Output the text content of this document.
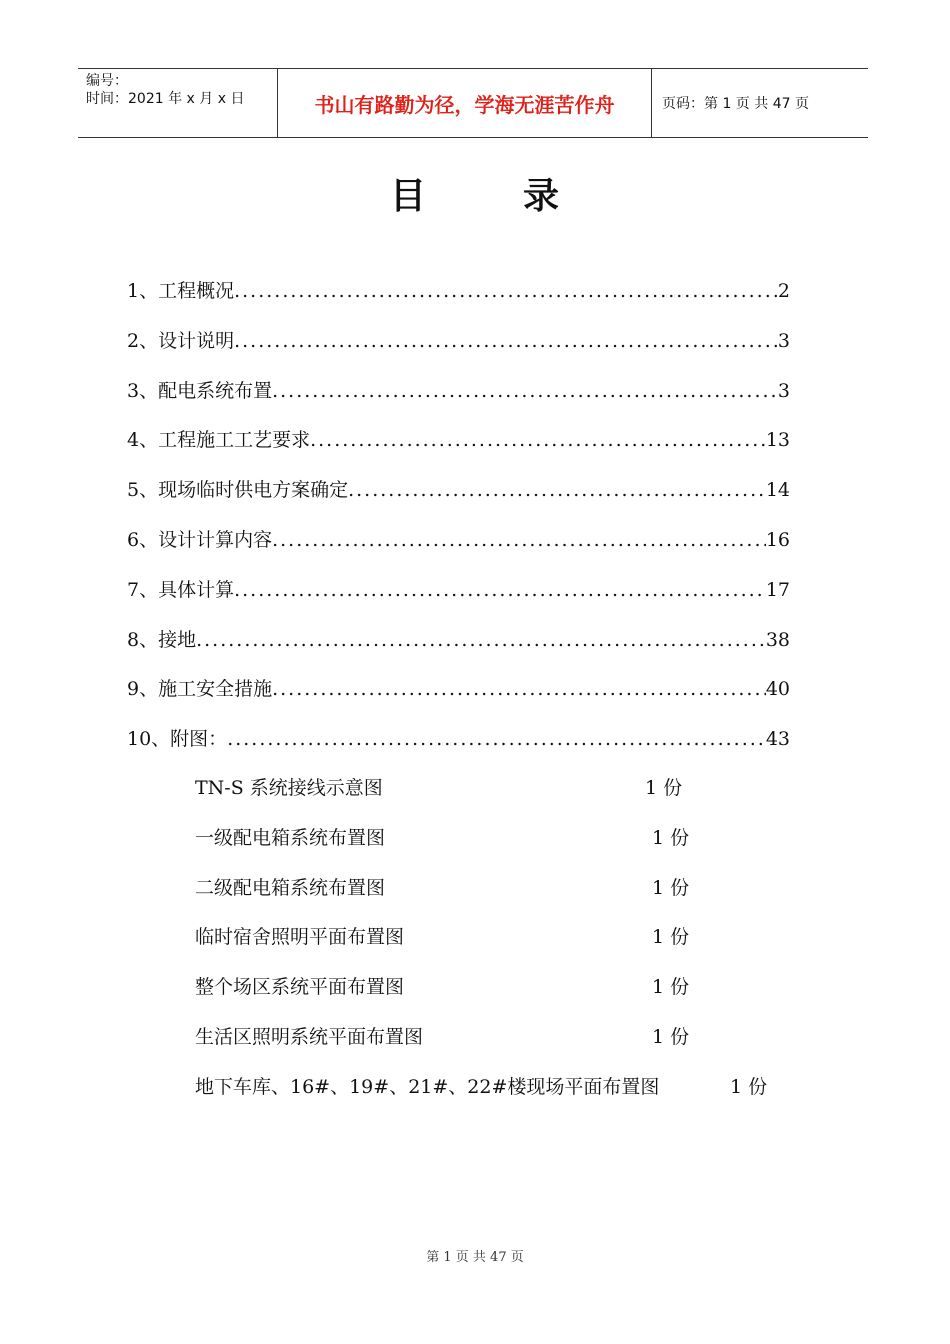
编号：
时间：2021 年 x 月 x 日	书山有路勤为径，学海无涯苦作舟	页码：第 1 页 共 47 页
目	录
1、工程概况 .....	2
2、设计说明 .....	3
3、配电系统布置 .....	3
4、工程施工工艺要求 .....	13
5、现场临时供电方案确定 .....	14
6、设计计算内容 .....	16
7、具体计算 .....	17
8、接地 .....	38
9、施工安全措施 .....	40
10、附图： .....	43
TN-S 系统接线示意图	1 份
一级配电箱系统布置图	1 份
二级配电箱系统布置图	1 份
临时宿舍照明平面布置图	1 份
整个场区系统平面布置图	1 份
生活区照明系统平面布置图	1 份
地下车库、16#、19#、21#、22#楼现场平面布置图	1 份
第 1 页 共 47 页
